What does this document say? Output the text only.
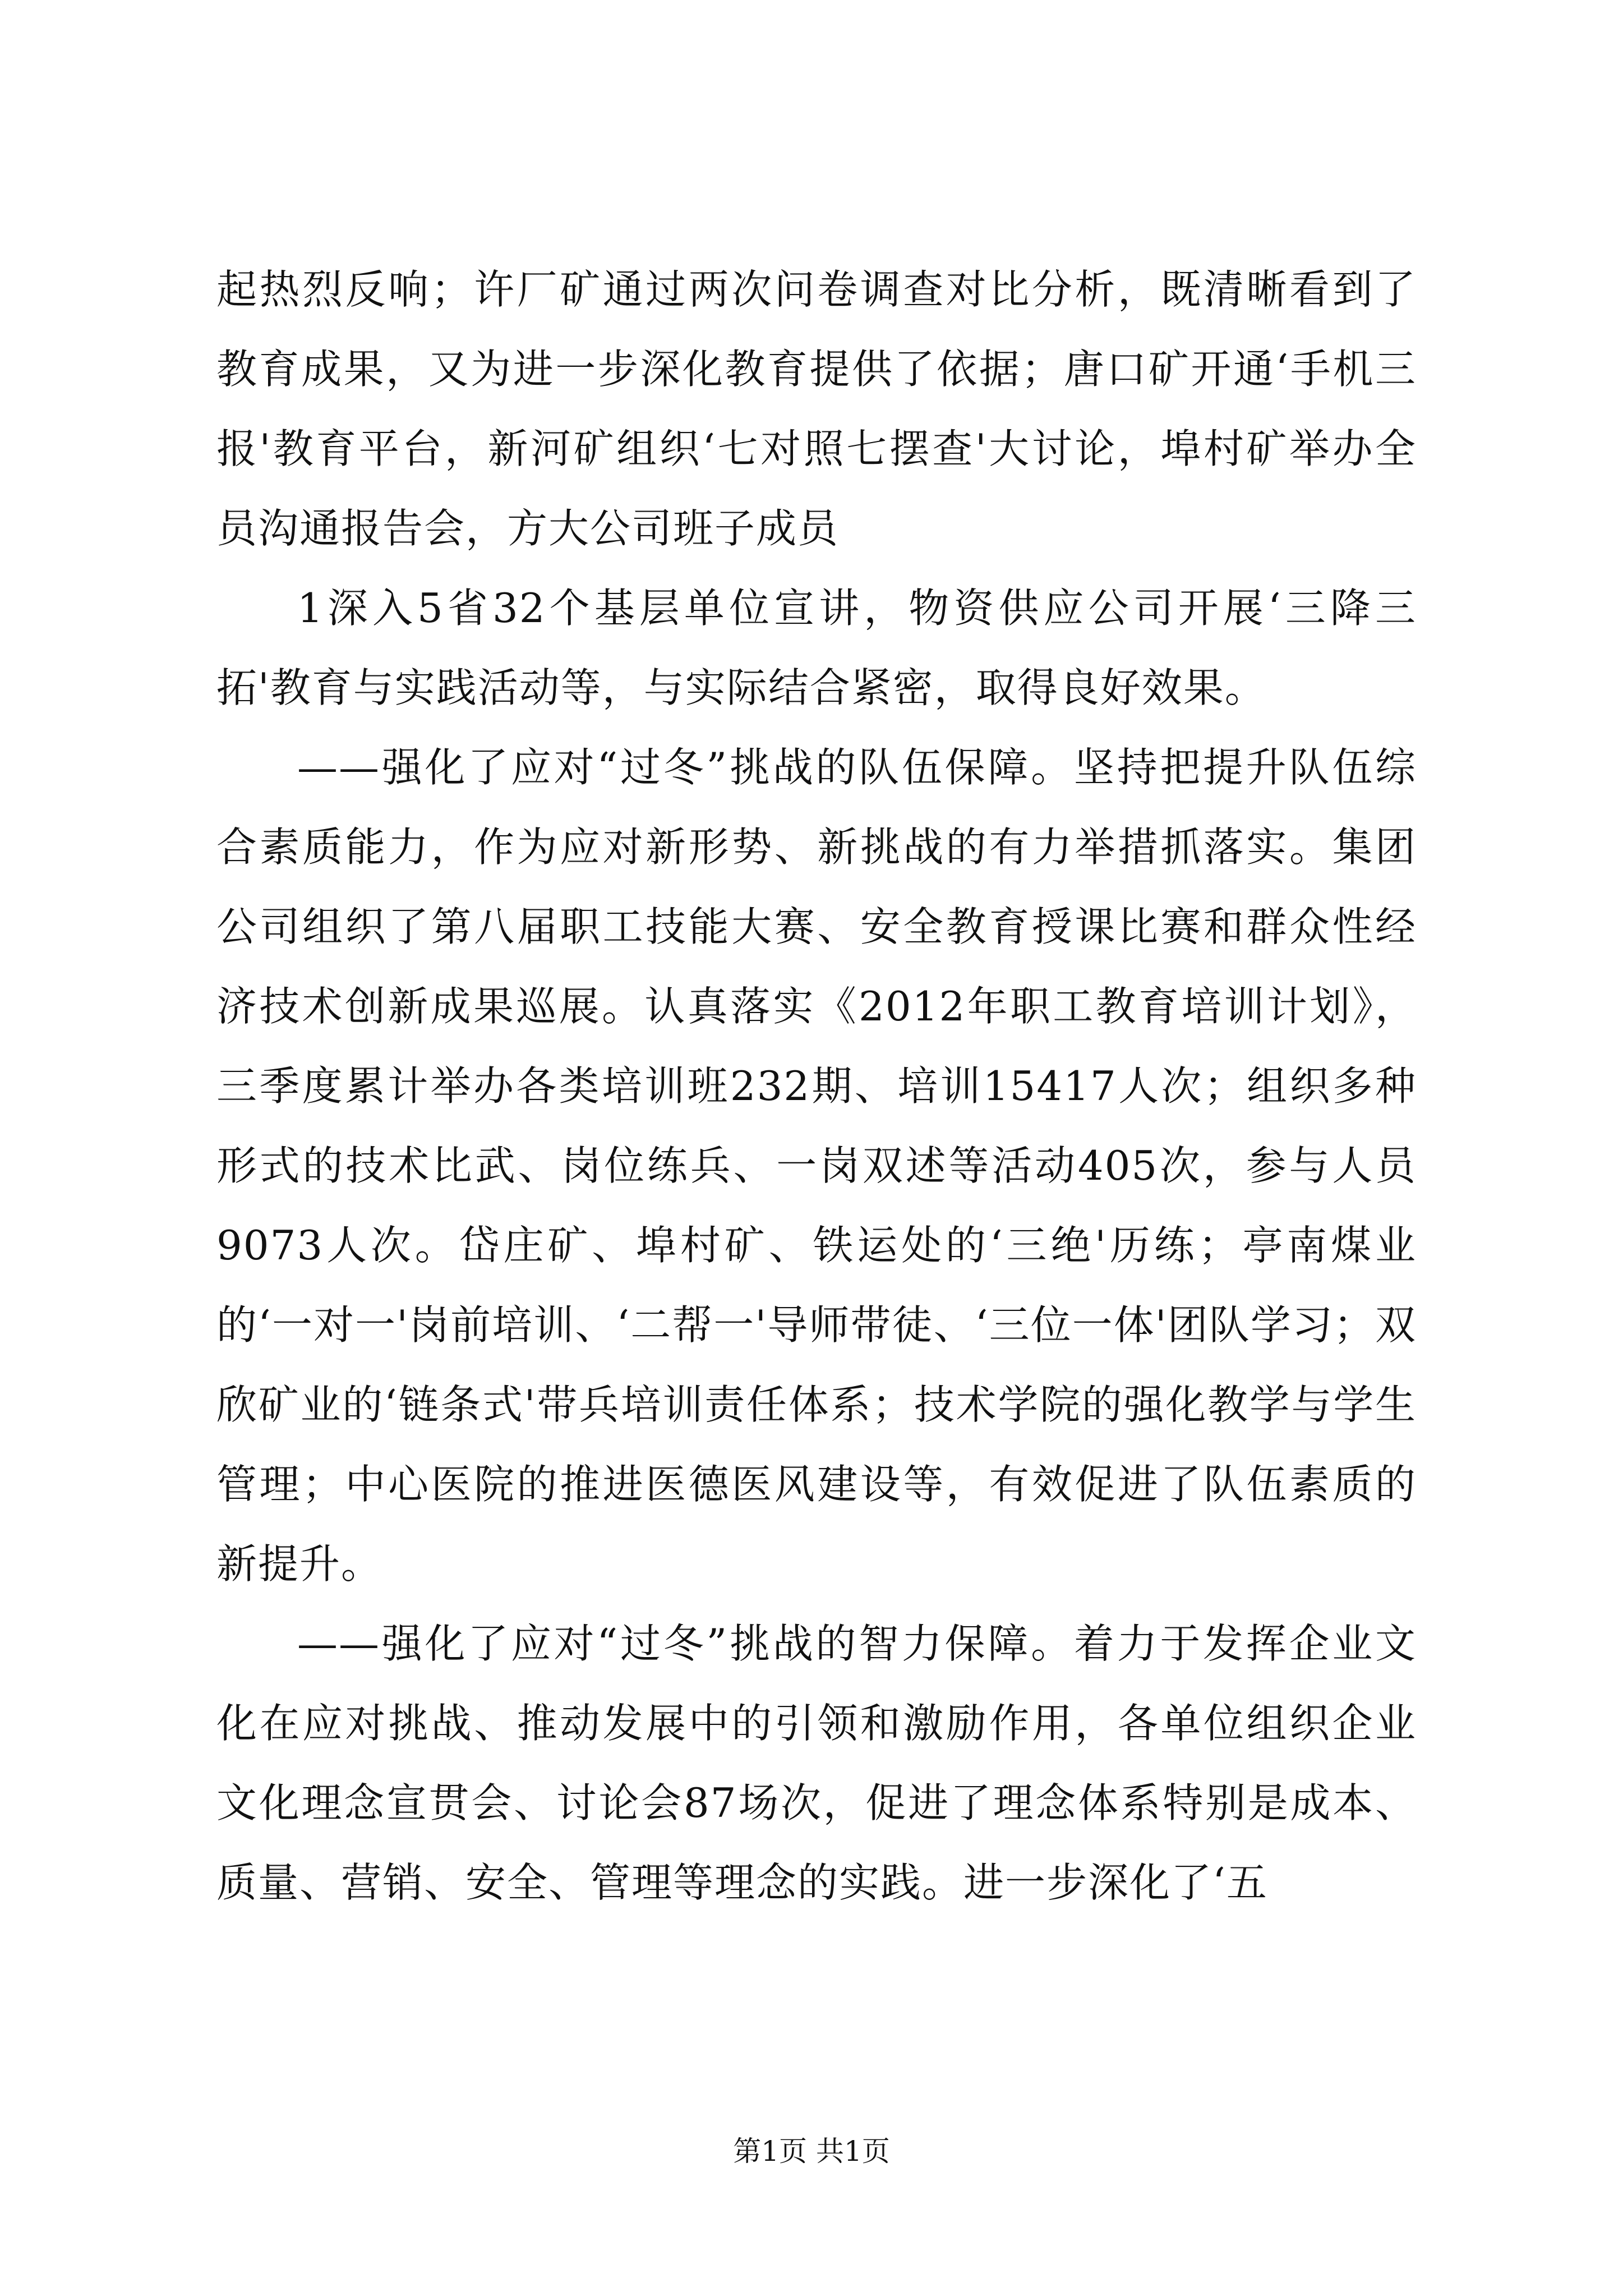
起热烈反响；许厂矿通过两次问卷调查对比分析，既清晰看到了教育成果，又为进一步深化教育提供了依据；唐口矿开通‘手机三报'教育平台，新河矿组织‘七对照七摆查'大讨论，埠村矿举办全员沟通报告会，方大公司班子成员

1深入5省32个基层单位宣讲，物资供应公司开展‘三降三拓'教育与实践活动等，与实际结合紧密，取得良好效果。

——强化了应对“过冬”挑战的队伍保障。坚持把提升队伍综合素质能力，作为应对新形势、新挑战的有力举措抓落实。集团公司组织了第八届职工技能大赛、安全教育授课比赛和群众性经济技术创新成果巡展。认真落实《2012年职工教育培训计划》，三季度累计举办各类培训班232期、培训15417人次；组织多种形式的技术比武、岗位练兵、一岗双述等活动405次，参与人员9073人次。岱庄矿、埠村矿、铁运处的‘三绝'历练；亭南煤业的‘一对一'岗前培训、‘二帮一'导师带徒、‘三位一体'团队学习；双欣矿业的‘链条式'带兵培训责任体系；技术学院的强化教学与学生管理；中心医院的推进医德医风建设等，有效促进了队伍素质的新提升。

——强化了应对“过冬”挑战的智力保障。着力于发挥企业文化在应对挑战、推动发展中的引领和激励作用，各单位组织企业文化理念宣贯会、讨论会87场次，促进了理念体系特别是成本、质量、营销、安全、管理等理念的实践。进一步深化了‘五

第1页 共1页
